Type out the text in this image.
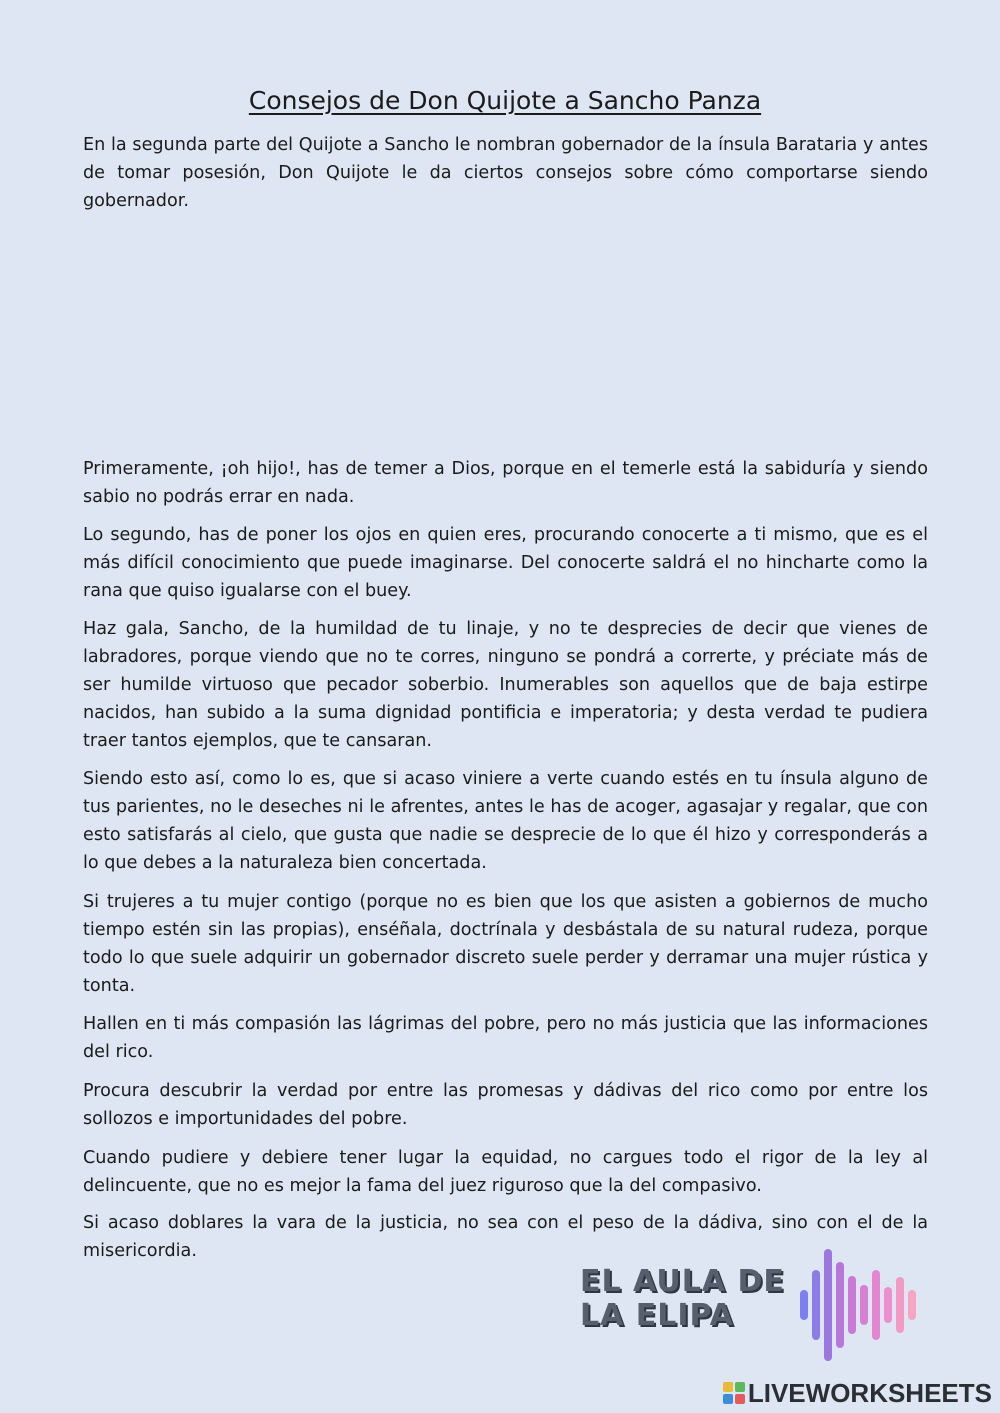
Consejos de Don Quijote a Sancho Panza

En la segunda parte del Quijote a Sancho le nombran gobernador de la ínsula Barataria y antes de tomar posesión, Don Quijote le da ciertos consejos sobre cómo comportarse siendo gobernador.

Primeramente, ¡oh hijo!, has de temer a Dios, porque en el temerle está la sabiduría y siendo sabio no podrás errar en nada.

Lo segundo, has de poner los ojos en quien eres, procurando conocerte a ti mismo, que es el más difícil conocimiento que puede imaginarse. Del conocerte saldrá el no hincharte como la rana que quiso igualarse con el buey.

Haz gala, Sancho, de la humildad de tu linaje, y no te desprecies de decir que vienes de labradores, porque viendo que no te corres, ninguno se pondrá a correrte, y préciate más de ser humilde virtuoso que pecador soberbio. Inumerables son aquellos que de baja estirpe nacidos, han subido a la suma dignidad pontificia e imperatoria; y desta verdad te pudiera traer tantos ejemplos, que te cansaran.

Siendo esto así, como lo es, que si acaso viniere a verte cuando estés en tu ínsula alguno de tus parientes, no le deseches ni le afrentes, antes le has de acoger, agasajar y regalar, que con esto satisfarás al cielo, que gusta que nadie se desprecie de lo que él hizo y corresponderás a lo que debes a la naturaleza bien concertada.

Si trujeres a tu mujer contigo (porque no es bien que los que asisten a gobiernos de mucho tiempo estén sin las propias), enséñala, doctrínala y desbástala de su natural rudeza, porque todo lo que suele adquirir un gobernador discreto suele perder y derramar una mujer rústica y tonta.

Hallen en ti más compasión las lágrimas del pobre, pero no más justicia que las informaciones del rico.

Procura descubrir la verdad por entre las promesas y dádivas del rico como por entre los sollozos e importunidades del pobre.

Cuando pudiere y debiere tener lugar la equidad, no cargues todo el rigor de la ley al delincuente, que no es mejor la fama del juez riguroso que la del compasivo.

Si acaso doblares la vara de la justicia, no sea con el peso de la dádiva, sino con el de la misericordia.

EL AULA DE
LA ELIPA
LIVEWORKSHEETS
